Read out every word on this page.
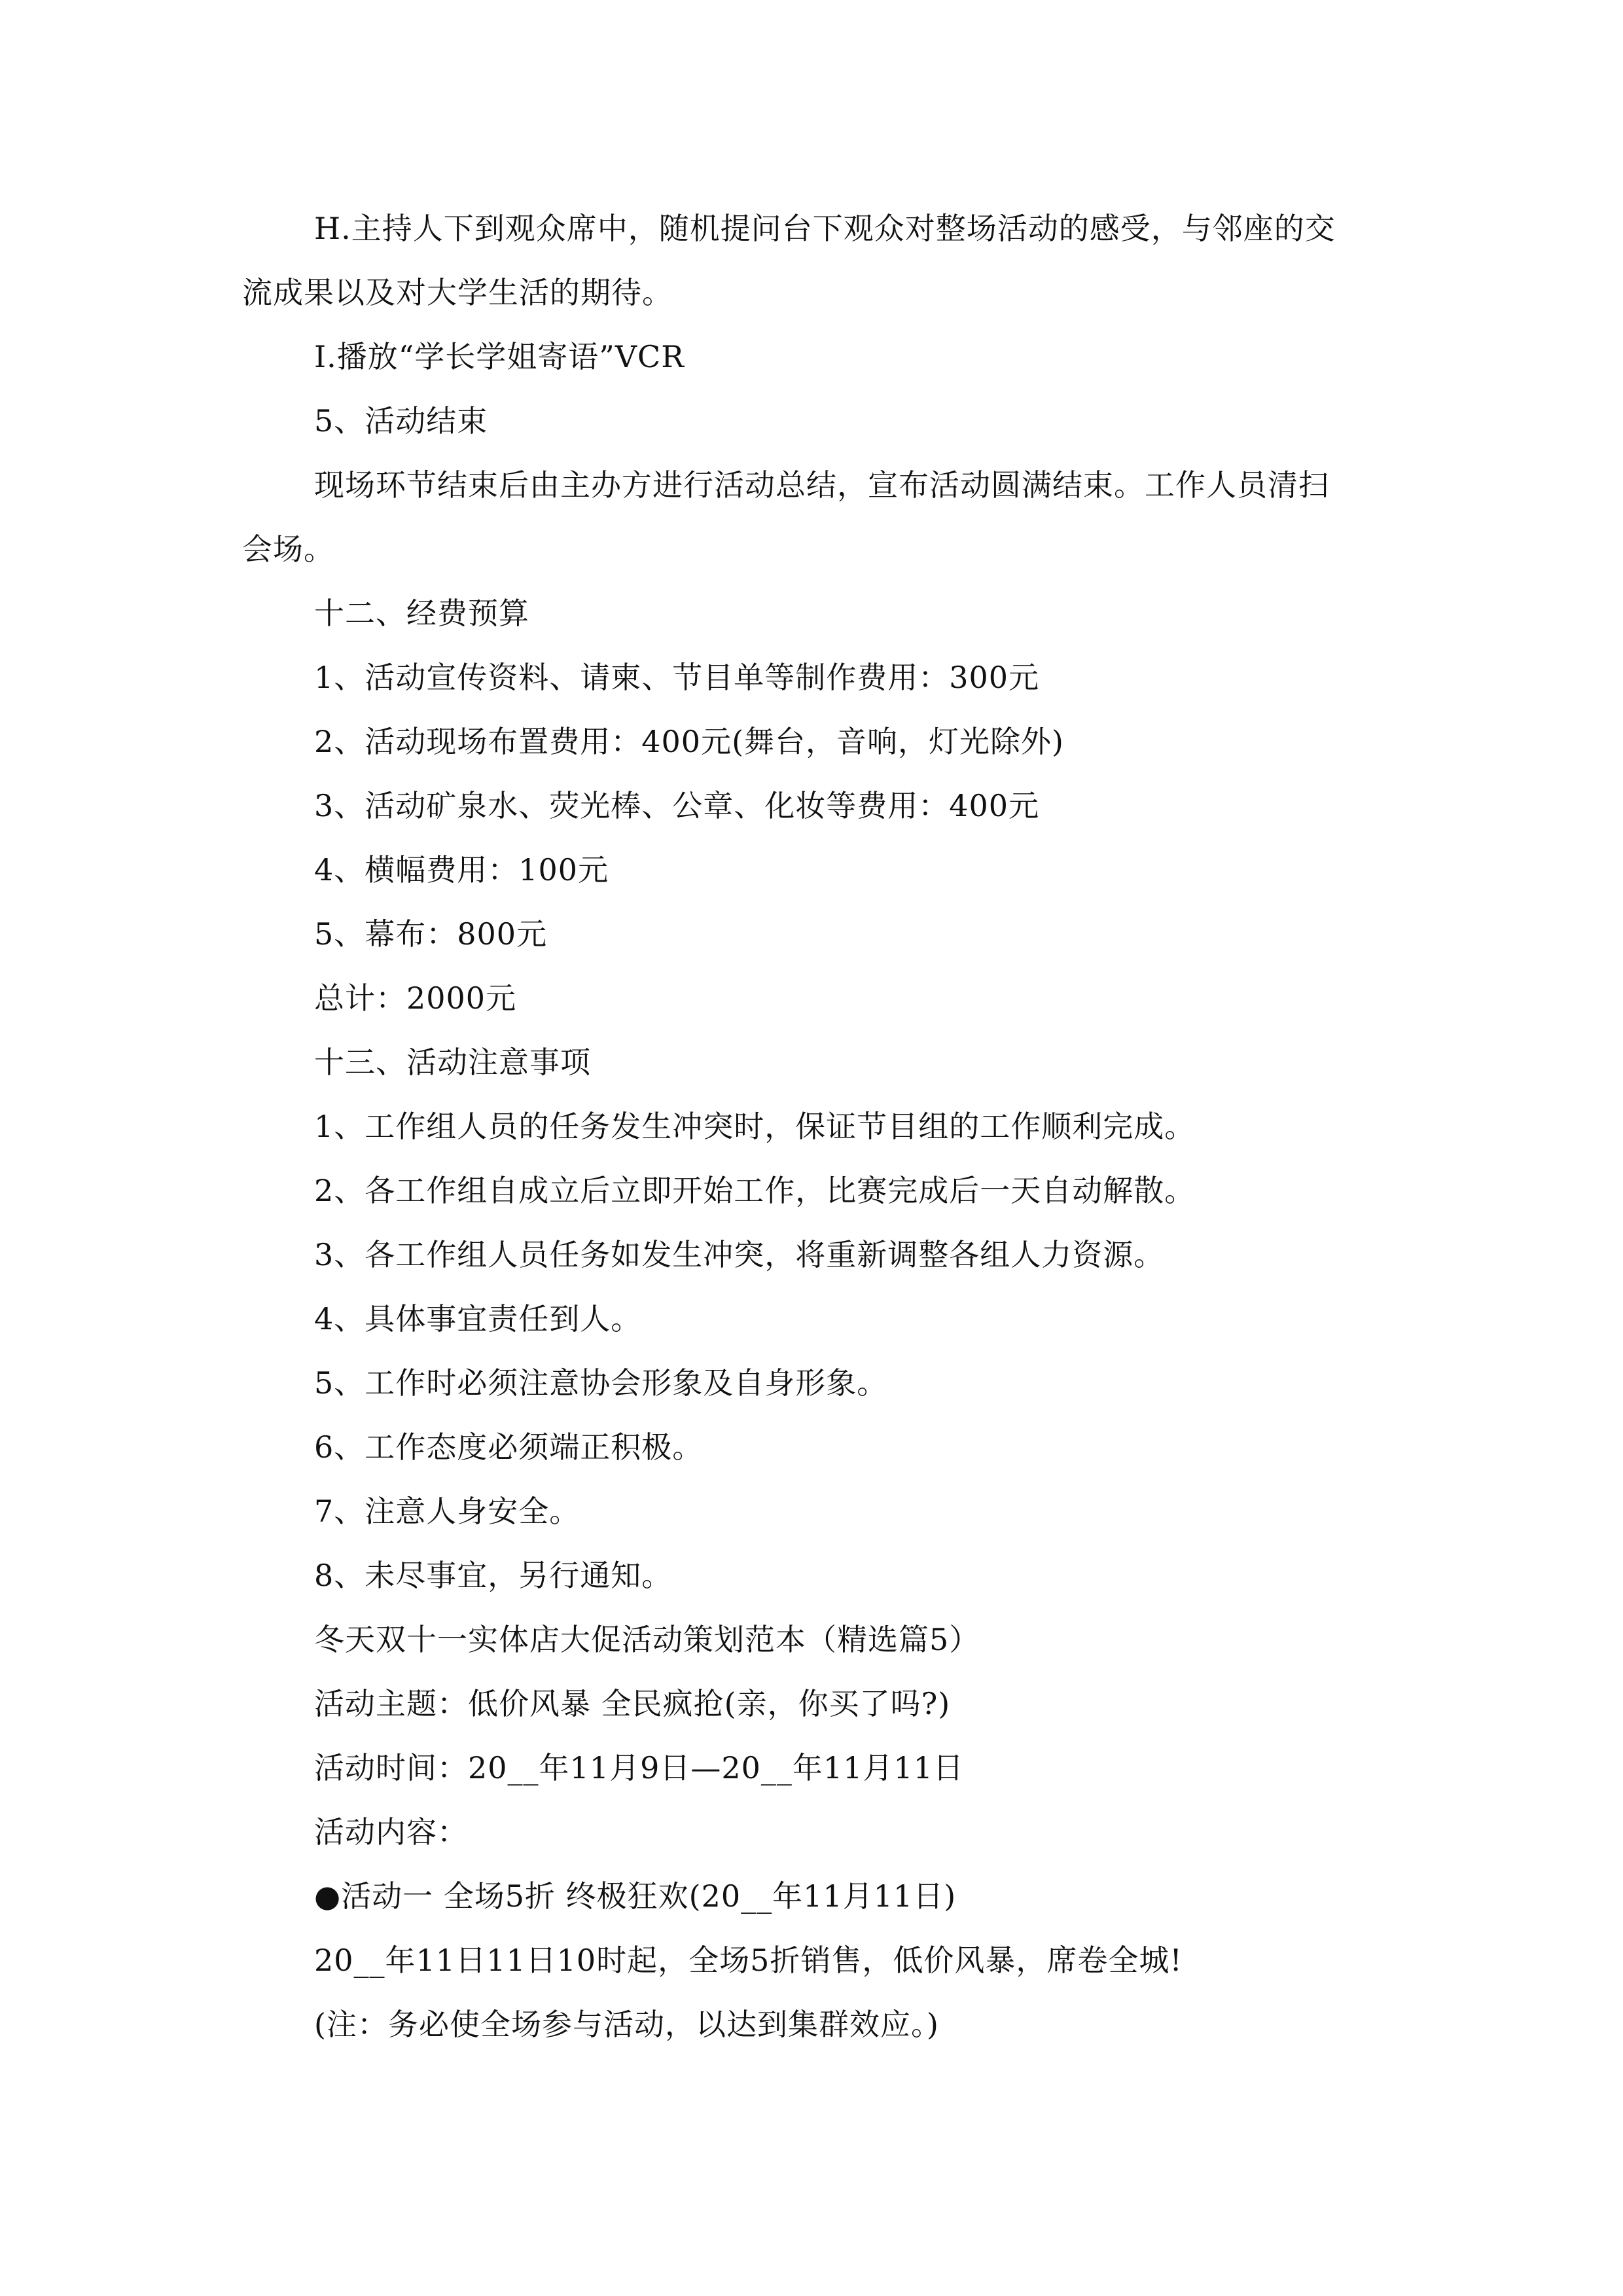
H.主持人下到观众席中，随机提问台下观众对整场活动的感受，与邻座的交
流成果以及对大学生活的期待。
I.播放“学长学姐寄语”VCR
5、活动结束
现场环节结束后由主办方进行活动总结，宣布活动圆满结束。工作人员清扫
会场。
十二、经费预算
1、活动宣传资料、请柬、节目单等制作费用：300元
2、活动现场布置费用：400元(舞台，音响，灯光除外)
3、活动矿泉水、荧光棒、公章、化妆等费用：400元
4、横幅费用：100元
5、幕布：800元
总计：2000元
十三、活动注意事项
1、工作组人员的任务发生冲突时，保证节目组的工作顺利完成。
2、各工作组自成立后立即开始工作，比赛完成后一天自动解散。
3、各工作组人员任务如发生冲突，将重新调整各组人力资源。
4、具体事宜责任到人。
5、工作时必须注意协会形象及自身形象。
6、工作态度必须端正积极。
7、注意人身安全。
8、未尽事宜，另行通知。
冬天双十一实体店大促活动策划范本（精选篇5）
活动主题：低价风暴 全民疯抢(亲，你买了吗?)
活动时间：20__年11月9日—20__年11月11日
活动内容：
●活动一 全场5折 终极狂欢(20__年11月11日)
20__年11日11日10时起，全场5折销售，低价风暴，席卷全城!
(注：务必使全场参与活动，以达到集群效应。)
